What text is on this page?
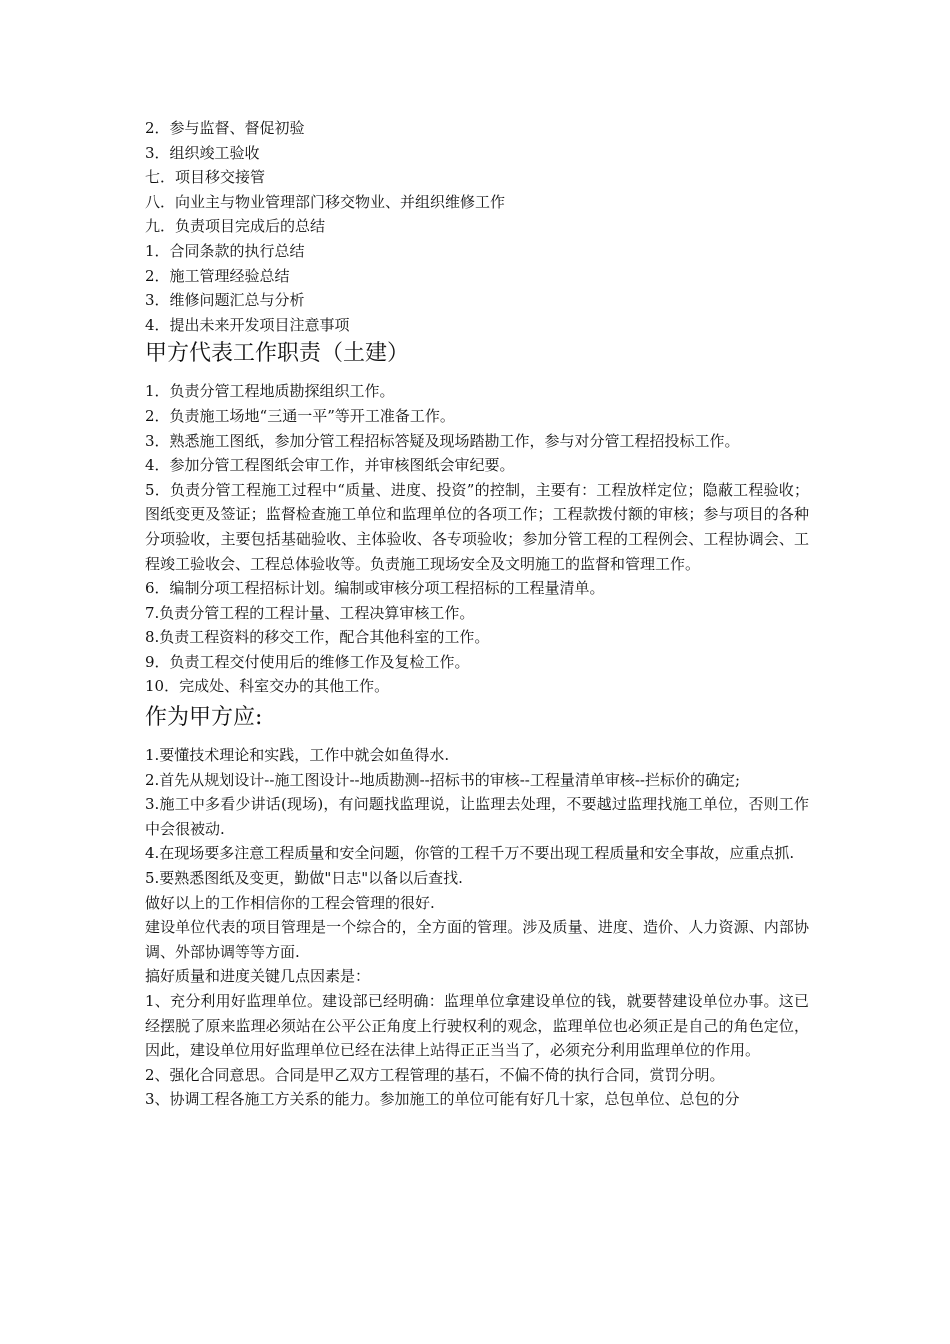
2．参与监督、督促初验
3．组织竣工验收
七．项目移交接管
八．向业主与物业管理部门移交物业、并组织维修工作
九．负责项目完成后的总结
1．合同条款的执行总结
2．施工管理经验总结
3．维修问题汇总与分析
4．提出未来开发项目注意事项
甲方代表工作职责（土建）
1．负责分管工程地质勘探组织工作。
2．负责施工场地“三通一平”等开工准备工作。
3．熟悉施工图纸，参加分管工程招标答疑及现场踏勘工作，参与对分管工程招投标工作。
4．参加分管工程图纸会审工作，并审核图纸会审纪要。
5．负责分管工程施工过程中“质量、进度、投资”的控制，主要有：工程放样定位；隐蔽工程验收；图纸变更及签证；监督检查施工单位和监理单位的各项工作；工程款拨付额的审核；参与项目的各种分项验收，主要包括基础验收、主体验收、各专项验收；参加分管工程的工程例会、工程协调会、工程竣工验收会、工程总体验收等。负责施工现场安全及文明施工的监督和管理工作。
6．编制分项工程招标计划。编制或审核分项工程招标的工程量清单。
7.负责分管工程的工程计量、工程决算审核工作。
8.负责工程资料的移交工作，配合其他科室的工作。
9．负责工程交付使用后的维修工作及复检工作。
10．完成处、科室交办的其他工作。
作为甲方应:
1.要懂技术理论和实践，工作中就会如鱼得水.
2.首先从规划设计--施工图设计--地质勘测--招标书的审核--工程量清单审核--拦标价的确定;
3.施工中多看少讲话(现场)，有问题找监理说，让监理去处理，不要越过监理找施工单位，否则工作中会很被动.
4.在现场要多注意工程质量和安全问题，你管的工程千万不要出现工程质量和安全事故，应重点抓.
5.要熟悉图纸及变更，勤做"日志"以备以后查找.
做好以上的工作相信你的工程会管理的很好.
建设单位代表的项目管理是一个综合的，全方面的管理。涉及质量、进度、造价、人力资源、内部协调、外部协调等等方面.
搞好质量和进度关键几点因素是：
1、充分利用好监理单位。建设部已经明确：监理单位拿建设单位的钱，就要替建设单位办事。这已经摆脱了原来监理必须站在公平公正角度上行驶权利的观念，监理单位也必须正是自己的角色定位，因此，建设单位用好监理单位已经在法律上站得正正当当了，必须充分利用监理单位的作用。
2、强化合同意思。合同是甲乙双方工程管理的基石，不偏不倚的执行合同，赏罚分明。
3、协调工程各施工方关系的能力。参加施工的单位可能有好几十家，总包单位、总包的分
